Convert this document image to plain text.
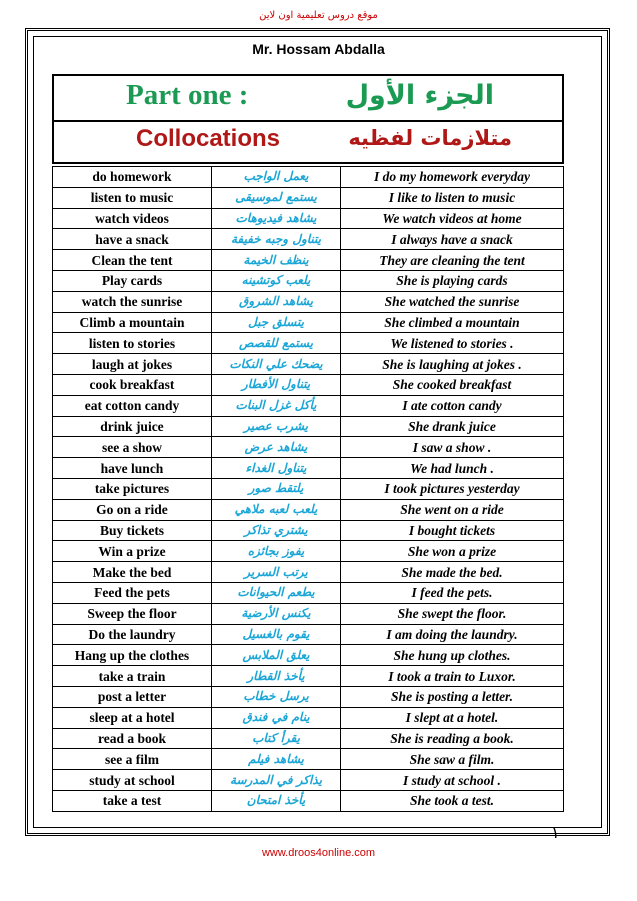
موقع دروس تعليمية اون لاين
Mr. Hossam Abdalla
Part one :	الجزء الأول
Collocations	متلازمات لفظيه
do homework	يعمل الواجب	I do my homework everyday
listen to music	يستمع لموسيقى	I like to listen to music
watch videos	يشاهد فيديوهات	We watch videos at home
have a snack	يتناول وجبه خفيفة	I always have a snack
Clean the tent	ينظف الخيمة	They are cleaning the tent
Play cards	يلعب كوتشينه	She is playing cards
watch the sunrise	يشاهد الشروق	She watched the sunrise
Climb a mountain	يتسلق جبل	She climbed a mountain
listen to stories	يستمع للقصص	We listened to stories .
laugh at jokes	يضحك علي النكات	She is laughing at jokes .
cook breakfast	يتناول الأفطار	She cooked breakfast
eat cotton candy	يأكل غزل البنات	I ate cotton candy
drink juice	يشرب عصير	She drank juice
see a show	يشاهد عرض	I saw a show .
have lunch	يتناول الغداء	We had lunch .
take pictures	يلتقط صور	I took pictures yesterday
Go on a ride	يلعب لعبه ملاهي	She went on a ride
Buy tickets	يشتري تذاكر	I bought tickets
Win a prize	يفوز بجائزه	She won a prize
Make the bed	يرتب السرير	She made the bed.
Feed the pets	يطعم الحيوانات	I feed the pets.
Sweep the floor	يكنس الأرضية	She swept the floor.
Do the laundry	يقوم بالغسيل	I am doing the laundry.
Hang up the clothes	يعلق الملابس	She hung up clothes.
take a train	يأخذ القطار	I took a train to Luxor.
post a letter	يرسل خطاب	She is posting a letter.
sleep at a hotel	ينام في فندق	I slept at a hotel.
read a book	يقرأ كتاب	She is reading a book.
see a film	يشاهد فيلم	She saw a film.
study at school	يذاكر في المدرسة	I study at school .
take a test	يأخذ امتحان	She took a test.
١
www.droos4online.com
